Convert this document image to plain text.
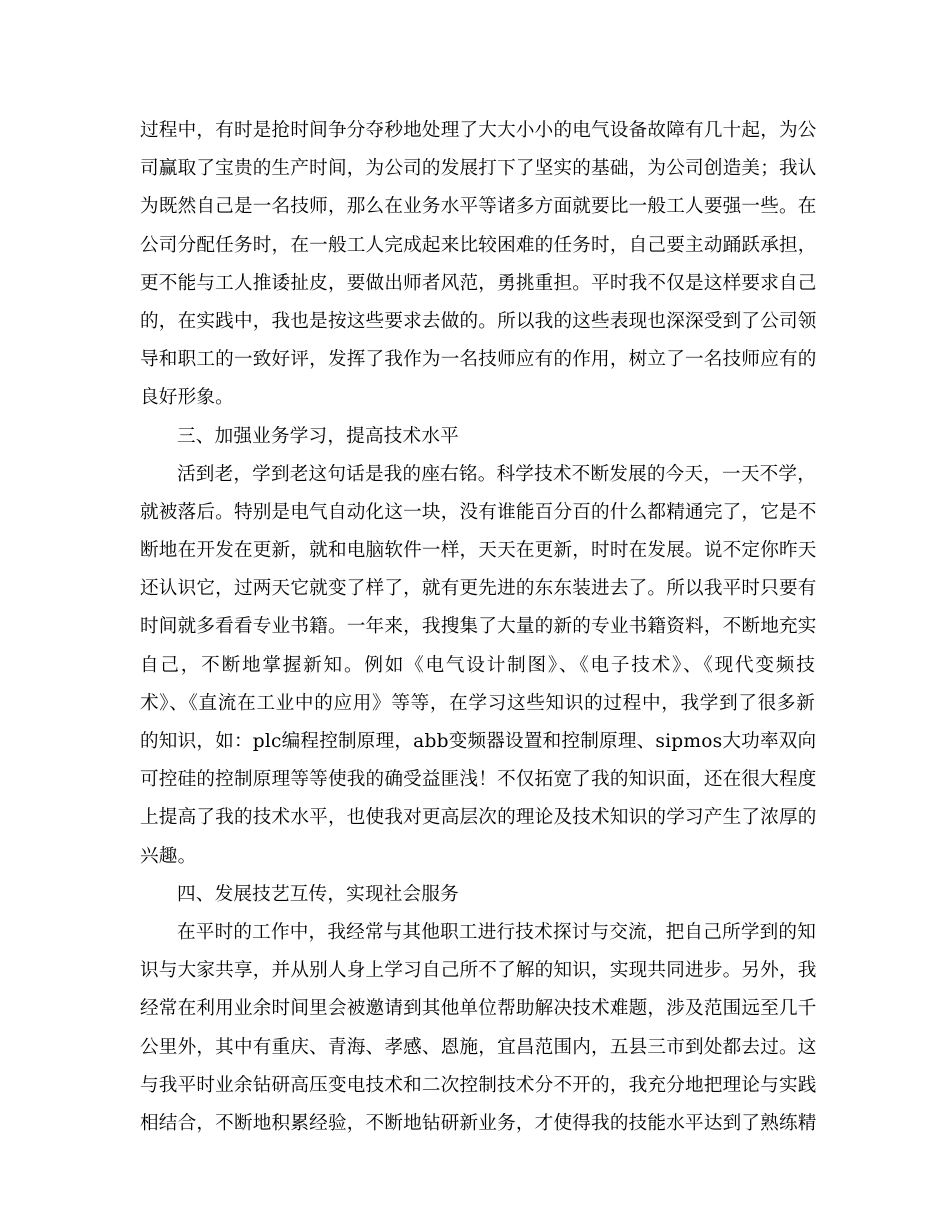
过程中，有时是抢时间争分夺秒地处理了大大小小的电气设备故障有几十起，为公
司赢取了宝贵的生产时间，为公司的发展打下了坚实的基础，为公司创造美；我认
为既然自己是一名技师，那么在业务水平等诸多方面就要比一般工人要强一些。在
公司分配任务时，在一般工人完成起来比较困难的任务时，自己要主动踊跃承担，
更不能与工人推诿扯皮，要做出师者风范，勇挑重担。平时我不仅是这样要求自己
的，在实践中，我也是按这些要求去做的。所以我的这些表现也深深受到了公司领
导和职工的一致好评，发挥了我作为一名技师应有的作用，树立了一名技师应有的
良好形象。
三、加强业务学习，提高技术水平
活到老，学到老这句话是我的座右铭。科学技术不断发展的今天，一天不学，
就被落后。特别是电气自动化这一块，没有谁能百分百的什么都精通完了，它是不
断地在开发在更新，就和电脑软件一样，天天在更新，时时在发展。说不定你昨天
还认识它，过两天它就变了样了，就有更先进的东东装进去了。所以我平时只要有
时间就多看看专业书籍。一年来，我搜集了大量的新的专业书籍资料，不断地充实
自己，不断地掌握新知。例如《电气设计制图》、《电子技术》、《现代变频技
术》、《直流在工业中的应用》等等，在学习这些知识的过程中，我学到了很多新
的知识，如：plc编程控制原理，abb变频器设置和控制原理、sipmos大功率双向
可控硅的控制原理等等使我的确受益匪浅！不仅拓宽了我的知识面，还在很大程度
上提高了我的技术水平，也使我对更高层次的理论及技术知识的学习产生了浓厚的
兴趣。
四、发展技艺互传，实现社会服务
在平时的工作中，我经常与其他职工进行技术探讨与交流，把自己所学到的知
识与大家共享，并从别人身上学习自己所不了解的知识，实现共同进步。另外，我
经常在利用业余时间里会被邀请到其他单位帮助解决技术难题，涉及范围远至几千
公里外，其中有重庆、青海、孝感、恩施，宜昌范围内，五县三市到处都去过。这
与我平时业余钻研高压变电技术和二次控制技术分不开的，我充分地把理论与实践
相结合，不断地积累经验，不断地钻研新业务，才使得我的技能水平达到了熟练精
